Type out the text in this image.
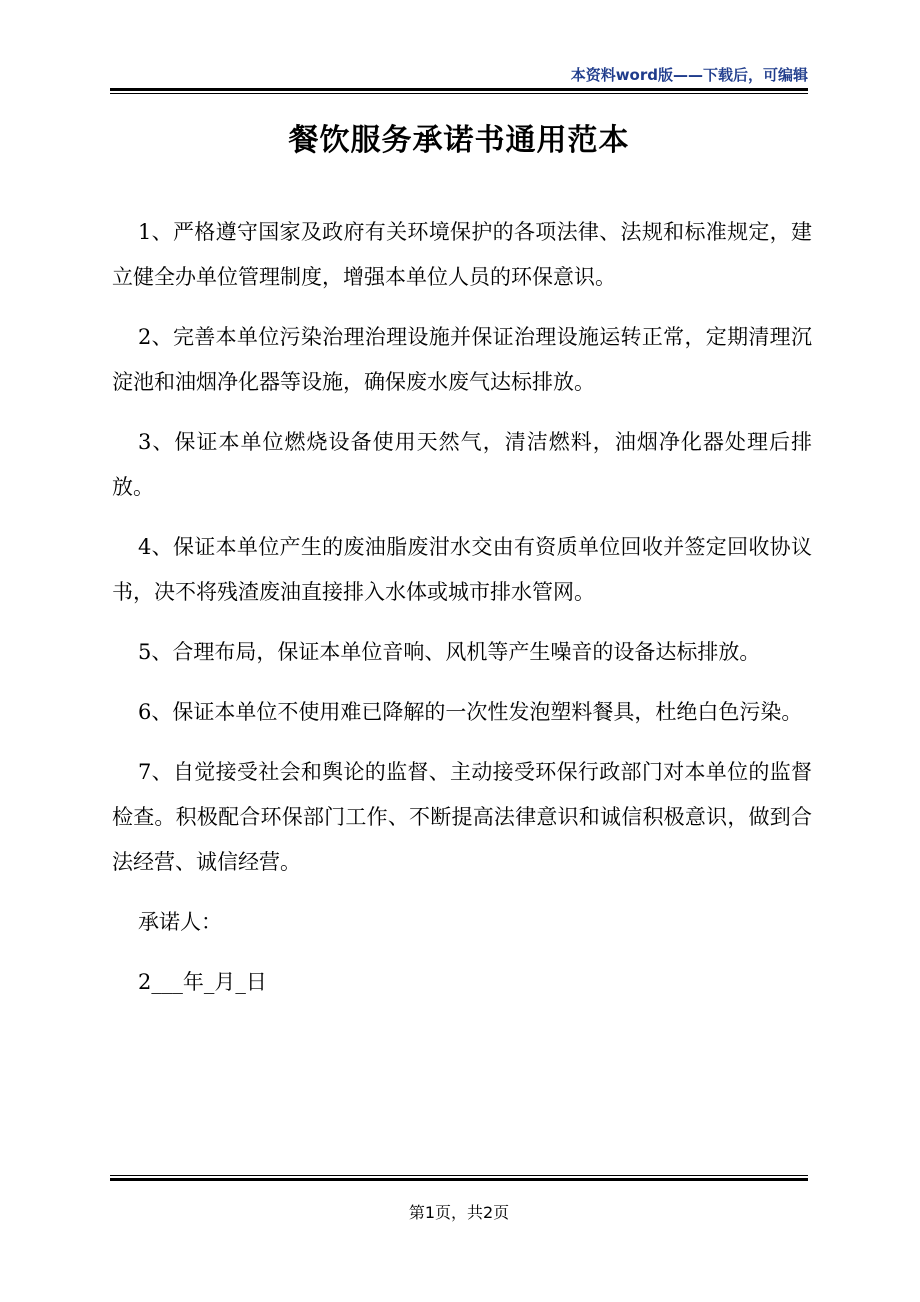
本资料word版——下载后，可编辑
餐饮服务承诺书通用范本

1、严格遵守国家及政府有关环境保护的各项法律、法规和标准规定，建立健全办单位管理制度，增强本单位人员的环保意识。

2、完善本单位污染治理治理设施并保证治理设施运转正常，定期清理沉淀池和油烟净化器等设施，确保废水废气达标排放。

3、保证本单位燃烧设备使用天然气，清洁燃料，油烟净化器处理后排放。

4、保证本单位产生的废油脂废泔水交由有资质单位回收并签定回收协议书，决不将残渣废油直接排入水体或城市排水管网。

5、合理布局，保证本单位音响、风机等产生噪音的设备达标排放。

6、保证本单位不使用难已降解的一次性发泡塑料餐具，杜绝白色污染。

7、自觉接受社会和舆论的监督、主动接受环保行政部门对本单位的监督检查。积极配合环保部门工作、不断提高法律意识和诚信积极意识，做到合法经营、诚信经营。

承诺人：

2___年_月_日

第1页，共2页
